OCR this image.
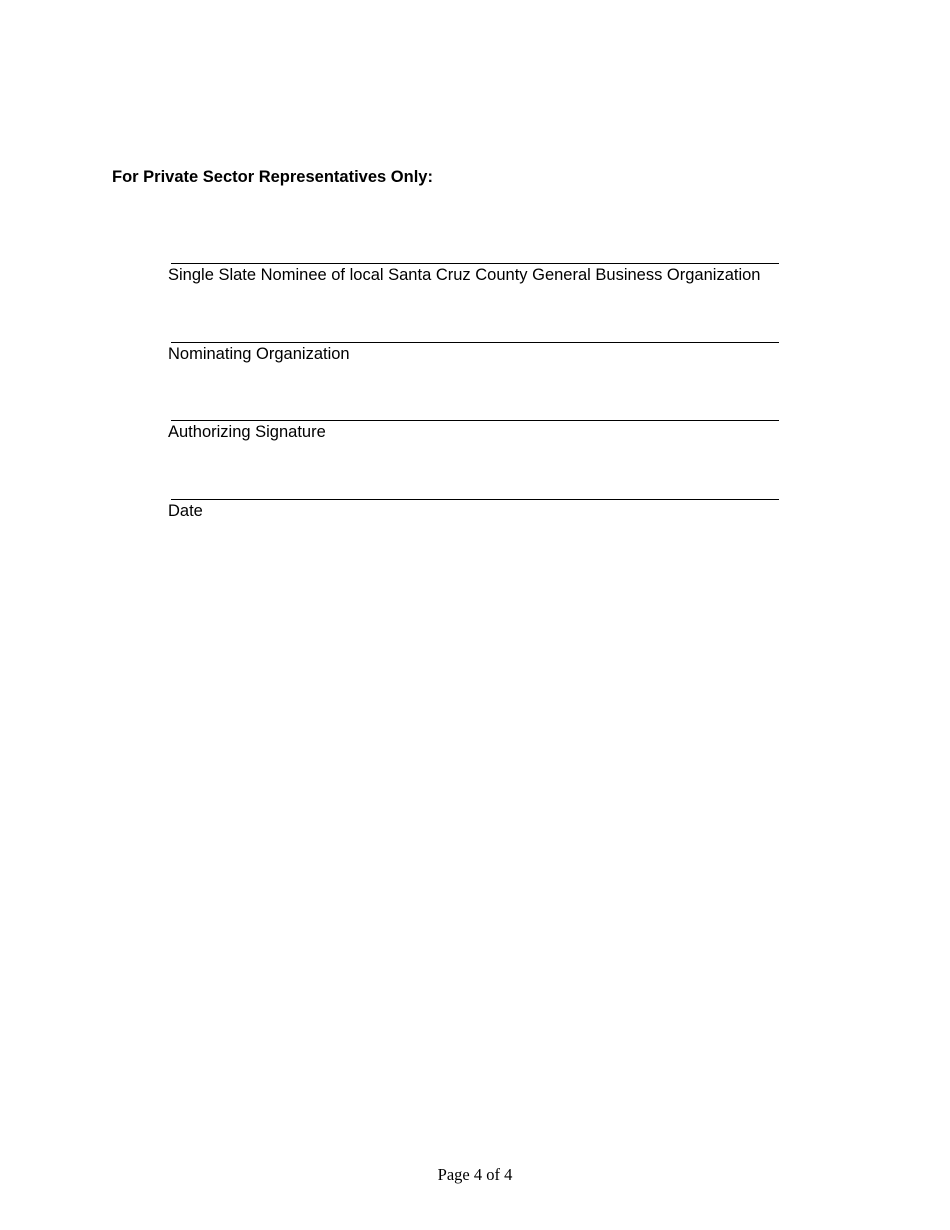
For Private Sector Representatives Only:
Single Slate Nominee of local Santa Cruz County General Business Organization
Nominating Organization
Authorizing Signature
Date
Page 4 of 4
